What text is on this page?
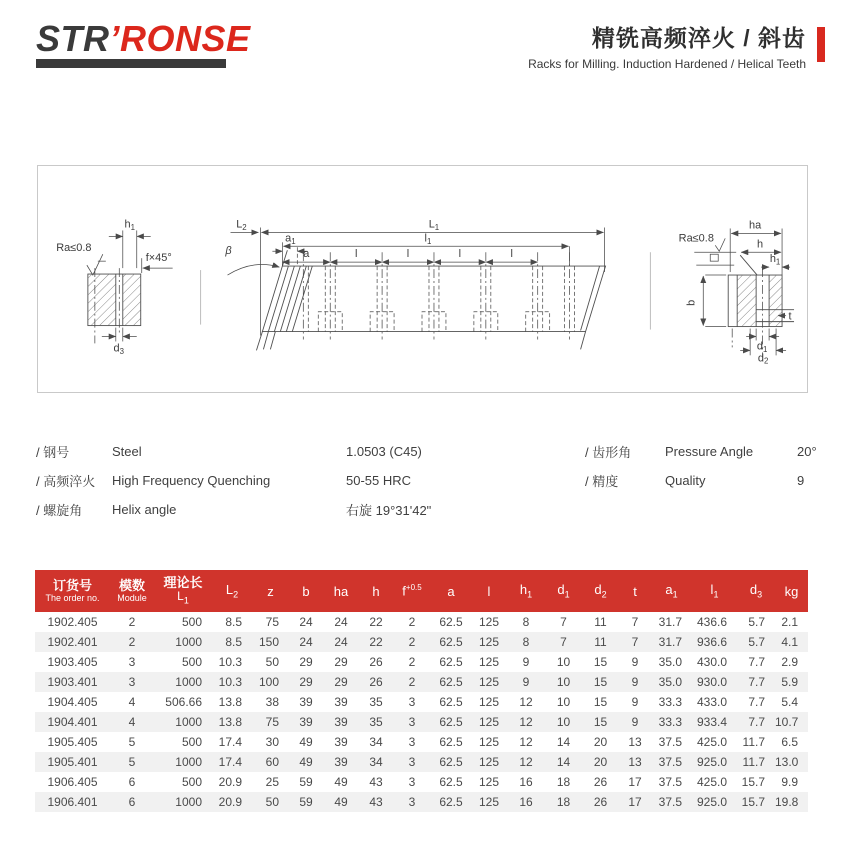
STR’RONSE	精铣高频淬火 / 斜齿
Racks for Milling. Induction Hardened / Helical Teeth
$h_1$
Ra≤0.8
f×45°
$d_3$
β
$L_2$	$L_1$
$l_1$
$a_1$
a	l	l	l	l
ha
h
$h_1$
Ra≤0.8
b
t
$d_1$
$d_2$
/ 钢号	Steel	1.0503 (C45)
/ 高频淬火	High Frequency Quenching	50-55 HRC
/ 螺旋角	Helix angle	右旋 19°31'42"
/ 齿形角	Pressure Angle	20°
/ 精度	Quality	9
订货号
The order no.

模数
Module

理论长
$L_1$
	$L_2$	z	b	ha	h	$f^{+0.5}$	a	l	$h_1$	$d_1$	$d_2$	t	$a_1$	$l_1$	$d_3$	kg
1902.405	2	500	8.5	75	24	24	22	2	62.5	125	8	7	11	7	31.7	436.6	5.7	2.1
1902.401	2	1000	8.5	150	24	24	22	2	62.5	125	8	7	11	7	31.7	936.6	5.7	4.1
1903.405	3	500	10.3	50	29	29	26	2	62.5	125	9	10	15	9	35.0	430.0	7.7	2.9
1903.401	3	1000	10.3	100	29	29	26	2	62.5	125	9	10	15	9	35.0	930.0	7.7	5.9
1904.405	4	506.66	13.8	38	39	39	35	3	62.5	125	12	10	15	9	33.3	433.0	7.7	5.4
1904.401	4	1000	13.8	75	39	39	35	3	62.5	125	12	10	15	9	33.3	933.4	7.7	10.7
1905.405	5	500	17.4	30	49	39	34	3	62.5	125	12	14	20	13	37.5	425.0	11.7	6.5
1905.401	5	1000	17.4	60	49	39	34	3	62.5	125	12	14	20	13	37.5	925.0	11.7	13.0
1906.405	6	500	20.9	25	59	49	43	3	62.5	125	16	18	26	17	37.5	425.0	15.7	9.9
1906.401	6	1000	20.9	50	59	49	43	3	62.5	125	16	18	26	17	37.5	925.0	15.7	19.8
